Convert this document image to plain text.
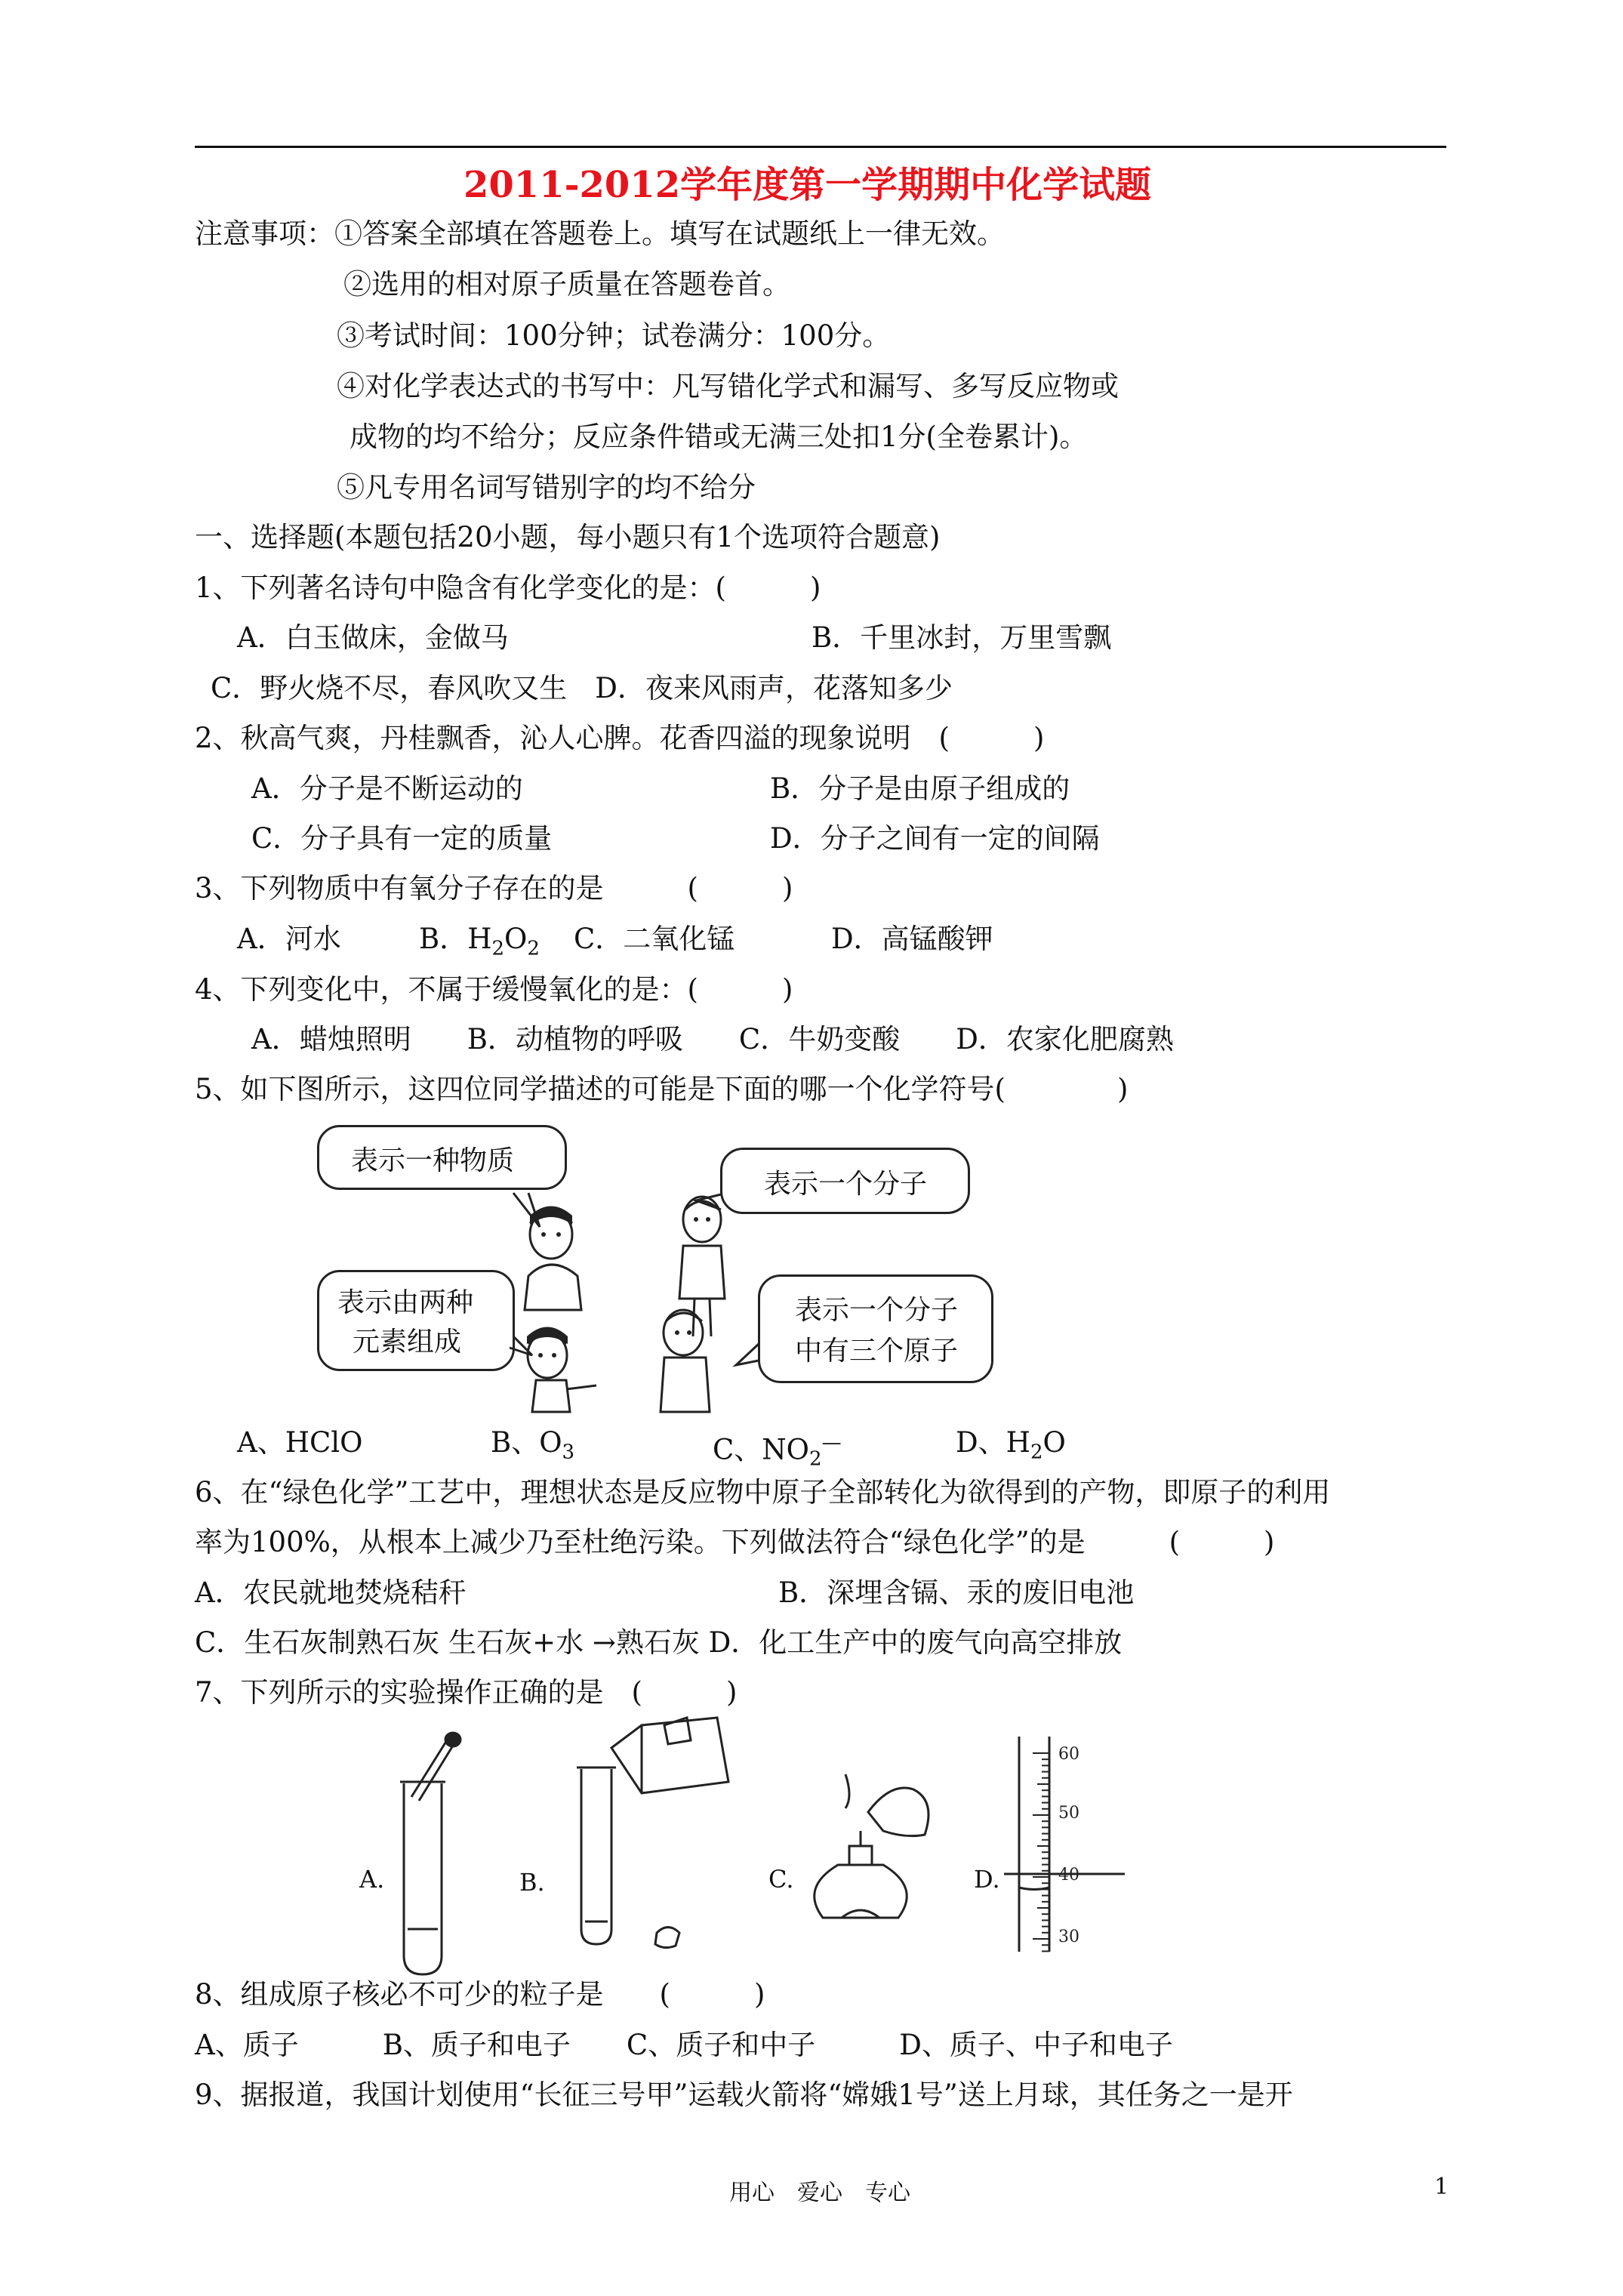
2011-2012学年度第一学期期中化学试题
注意事项：①答案全部填在答题卷上。填写在试题纸上一律无效。
②选用的相对原子质量在答题卷首。
③考试时间：100分钟；试卷满分：100分。
④对化学表达式的书写中：凡写错化学式和漏写、多写反应物或
成物的均不给分；反应条件错或无满三处扣1分(全卷累计)。
⑤凡专用名词写错别字的均不给分
一、选择题(本题包括20小题，每小题只有1个选项符合题意)
1、下列著名诗句中隐含有化学变化的是：(　　　)
A．白玉做床，金做马	B．千里冰封，万里雪飘
C．野火烧不尽，春风吹又生　D．夜来风雨声，花落知多少
2、秋高气爽，丹桂飘香，沁人心脾。花香四溢的现象说明　(　　　)
A．分子是不断运动的	B．分子是由原子组成的
C．分子具有一定的质量	D．分子之间有一定的间隔
3、下列物质中有氧分子存在的是　　　(　　　)
A．河水	B．$H_2O_2$ C．二氧化锰	D．高锰酸钾
4、下列变化中，不属于缓慢氧化的是：(　　　)
A．蜡烛照明　　B．动植物的呼吸　　C．牛奶变酸　　D．农家化肥腐熟
5、如下图所示，这四位同学描述的可能是下面的哪一个化学符号(　　　　)
表示一种物质
表示一个分子
表示由两种
元素组成
表示一个分子
中有三个原子
A、HClO	B、$O_3$	C、$NO_2^—$	D、$H_2O$
6、在“绿色化学”工艺中，理想状态是反应物中原子全部转化为欲得到的产物，即原子的利用
率为100%，从根本上减少乃至杜绝污染。下列做法符合“绿色化学”的是　　　(　　　)
A．农民就地焚烧秸秆	B．深埋含镉、汞的废旧电池
C．生石灰制熟石灰 生石灰+水 →熟石灰 D．化工生产中的废气向高空排放
7、下列所示的实验操作正确的是　(　　　)
A.	B.	C.	D.
60
50
40
30
8、组成原子核必不可少的粒子是　　(　　　)
A、质子　　　B、质子和电子　　C、质子和中子　　　D、质子、中子和电子
9、据报道，我国计划使用“长征三号甲”运载火箭将“嫦娥1号”送上月球，其任务之一是开
用心　爱心　专心	1
